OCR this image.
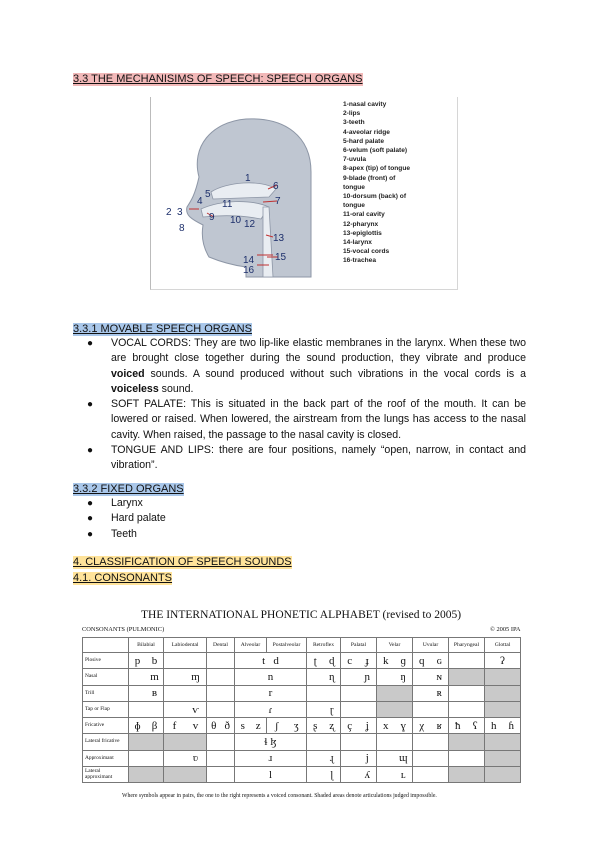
3.3 THE MECHANISIMS OF SPEECH: SPEECH ORGANS
1
2 3
4
5
6
7
8
9 10
11
12
13
14 15
16
1-nasal cavity
2-lips
3-teeth
4-aveolar ridge
5-hard palate
6-velum (soft palate)
7-uvula
8-apex (tip) of tongue
9-blade (front) of
tongue
10-dorsum (back) of
tongue
11-oral cavity
12-pharynx
13-epiglottis
14-larynx
15-vocal cords
16-trachea
3.3.1 MOVABLE SPEECH ORGANS
● VOCAL CORDS: They are two lip-like elastic membranes in the larynx. When these two are brought close together during the sound production, they vibrate and produce voiced sounds. A sound produced without such vibrations in the vocal cords is a voiceless sound.
● SOFT PALATE: This is situated in the back part of the roof of the mouth. It can be lowered or raised. When lowered, the airstream from the lungs has access to the nasal cavity. When raised, the passage to the nasal cavity is closed.
● TONGUE AND LIPS: there are four positions, namely “open, narrow, in contact and vibration”.
3.3.2 FIXED ORGANS
● Larynx
● Hard palate
● Teeth
4. CLASSIFICATION OF SPEECH SOUNDS
4.1. CONSONANTS
THE INTERNATIONAL PHONETIC ALPHABET (revised to 2005)
CONSONANTS (PULMONIC)	© 2005 IPA
	Bilabial	Labiodental	Dental	Alveolar	Postalveolar	Retroflex	Palatal	Velar	Uvular	Pharyngeal	Glottal
Plosive	p b			t d		ʈ ɖ	c ɟ	k ɡ	q ɢ		ʔ
Nasal	m	ɱ		n		ɳ	ɲ	ŋ	ɴ		
Trill	ʙ			r					ʀ		
Tap or Flap		ⱱ		ɾ		ɽ					
Fricative	ɸ β	f v	θ ð	s z	ʃ ʒ	ʂ ʐ	ç ʝ	x ɣ	χ ʁ	ħ ʕ	h ɦ
Lateral fricative				ɬ ɮ							
Approximant		ʋ		ɹ		ɻ	j	ɰ			
Lateral approximant				l		ɭ	ʎ	ʟ			
Where symbols appear in pairs, the one to the right represents a voiced consonant. Shaded areas denote articulations judged impossible.
